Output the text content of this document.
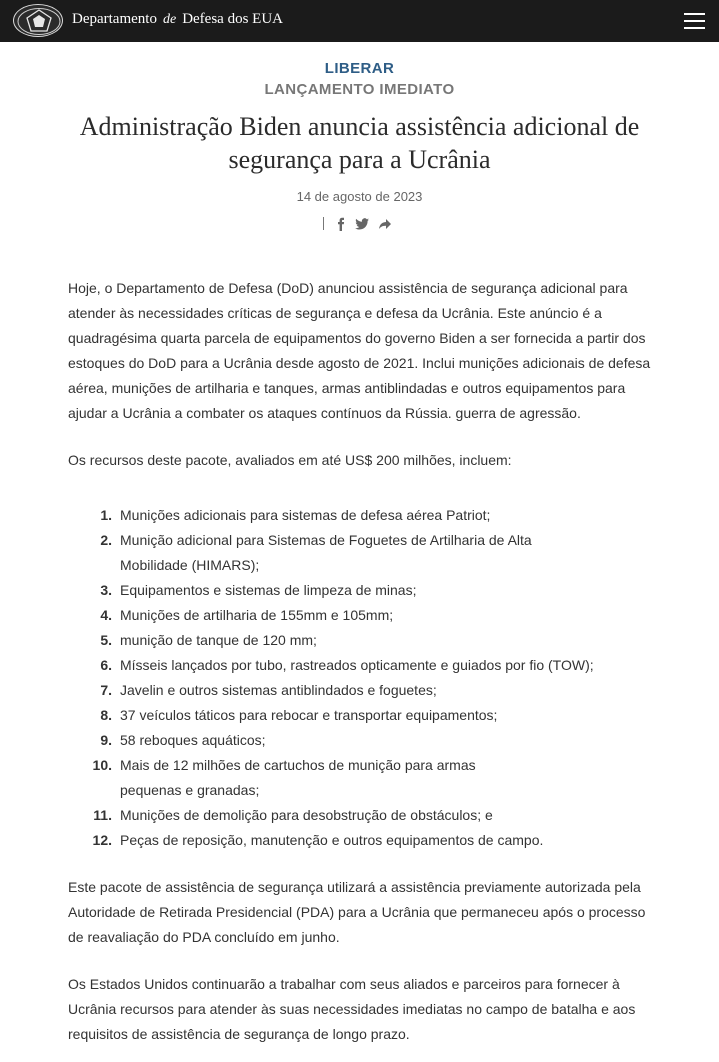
Departamento de Defesa dos EUA
LIBERAR
LANÇAMENTO IMEDIATO
Administração Biden anuncia assistência adicional de segurança para a Ucrânia
14 de agosto de 2023

Hoje, o Departamento de Defesa (DoD) anunciou assistência de segurança adicional para atender às necessidades críticas de segurança e defesa da Ucrânia. Este anúncio é a quadragésima quarta parcela de equipamentos do governo Biden a ser fornecida a partir dos estoques do DoD para a Ucrânia desde agosto de 2021. Inclui munições adicionais de defesa aérea, munições de artilharia e tanques, armas antiblindadas e outros equipamentos para ajudar a Ucrânia a combater os ataques contínuos da Rússia. guerra de agressão.

Os recursos deste pacote, avaliados em até US$ 200 milhões, incluem:

1. Munições adicionais para sistemas de defesa aérea Patriot;
2. Munição adicional para Sistemas de Foguetes de Artilharia de Alta Mobilidade (HIMARS);
3. Equipamentos e sistemas de limpeza de minas;
4. Munições de artilharia de 155mm e 105mm;
5. munição de tanque de 120 mm;
6. Mísseis lançados por tubo, rastreados opticamente e guiados por fio (TOW);
7. Javelin e outros sistemas antiblindados e foguetes;
8. 37 veículos táticos para rebocar e transportar equipamentos;
9. 58 reboques aquáticos;
10. Mais de 12 milhões de cartuchos de munição para armas pequenas e granadas;
11. Munições de demolição para desobstrução de obstáculos; e
12. Peças de reposição, manutenção e outros equipamentos de campo.

Este pacote de assistência de segurança utilizará a assistência previamente autorizada pela Autoridade de Retirada Presidencial (PDA) para a Ucrânia que permaneceu após o processo de reavaliação do PDA concluído em junho.

Os Estados Unidos continuarão a trabalhar com seus aliados e parceiros para fornecer à Ucrânia recursos para atender às suas necessidades imediatas no campo de batalha e aos requisitos de assistência de segurança de longo prazo.
